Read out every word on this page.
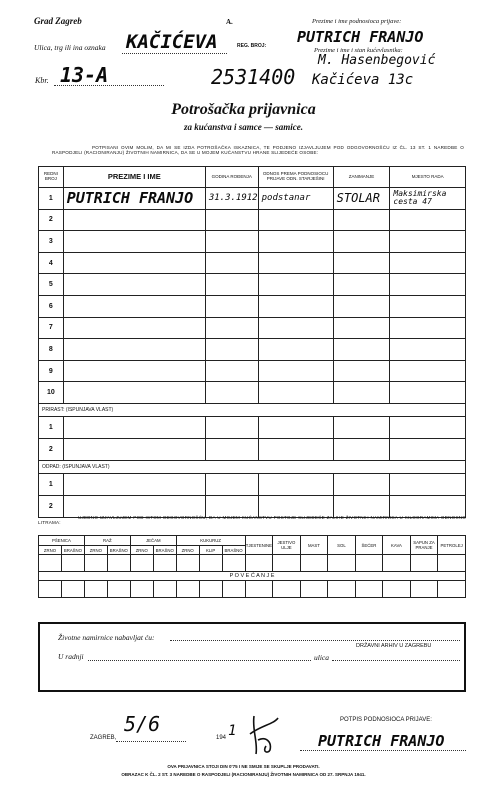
Grad Zagreb	A.	Prezime i ime podnosioca prijave:
Ulica, trg ili ina oznaka KAČIĆEVA	REG. BROJ: PUTRICH FRANJO
Prezime i ime i stan kućevlasnika:
M. Hasenbegović
Kbr. 13-A	2531400 Kačićeva 13c
Potrošačka prijavnica
za kućanstva i samce — samice.
POTPISANI OVIM MOLIM, DA MI SE IZDA POTROŠAČKA ISKAZNICA, TE PODJENO IZJAVLJUJEM POD ODGOVORNOŠĆU IZ ČL. 13 ST. 1 NAREDBE O RASPODJELI (RACIONIRANJU) ŽIVOTNIH NAMIRNICA, DA SE U MOJEM KUĆANSTVU HRANE SLIJEDEĆE OSOBE:
REDNI BROJ	PREZIME I IME	GODINA ROĐENJA	ODNOS PREMA PODNOSIOCU PRIJAVE ODN. STARJEŠINI	ZANIMANJE	MJESTO RADA
1	PUTRICH FRANJO	31.3.1912	podstanar	STOLAR	Maksimirska cesta 47
2					
3					
4					
5					
6					
7					
8					
9					
10					
PRIRAST: (ISPUNJAVA VLAST)					
1					
2					
ODPAD: (ISPUNJAVA VLAST)					
1					
2					
UJEDNO IZJAVLJUJEM POD ISTOM ODGOVORNOŠĆU, DA U MOJEM KUĆANSTVU POSTOJE SLIJEDEĆE ZALIHE ŽIVOTNIH NAMIRNICA U KILOGRAMIMA ODNOSNO LITRAMA:
PŠENICA		RAŽ		JEČAM		KUKURUZ			TJESTENINE	JESTIVO ULJE	MAST	SOL	ŠEĆER	KAVA	SAPUN ZA PRANJE	PETROLEJ
ZRNO	BRAŠNO	ZRNO	BRAŠNO	ZRNO	BRAŠNO	ZRNO	KLIP	BRAŠNO								

P O V E Ć A N J E																

Životne namirnice nabavljat ću:
U radnji	ulica
DRŽAVNI ARHIV U ZAGREBU
ZAGREB,
5/6
194 1
POTPIS PODNOSIOCA PRIJAVE:
PUTRICH FRANJO
OVA PRIJAVNICA STOJI DIN 0'75 I NE SMIJE SE SKUPLJE PRODAVATI.
OBRAZAC K ČL. 2 ST. 3 NAREDBE O RASPODJELI (RACIONIRANJU) ŽIVOTNIH NAMIRNICA OD 27. SRPNJA 1941.
